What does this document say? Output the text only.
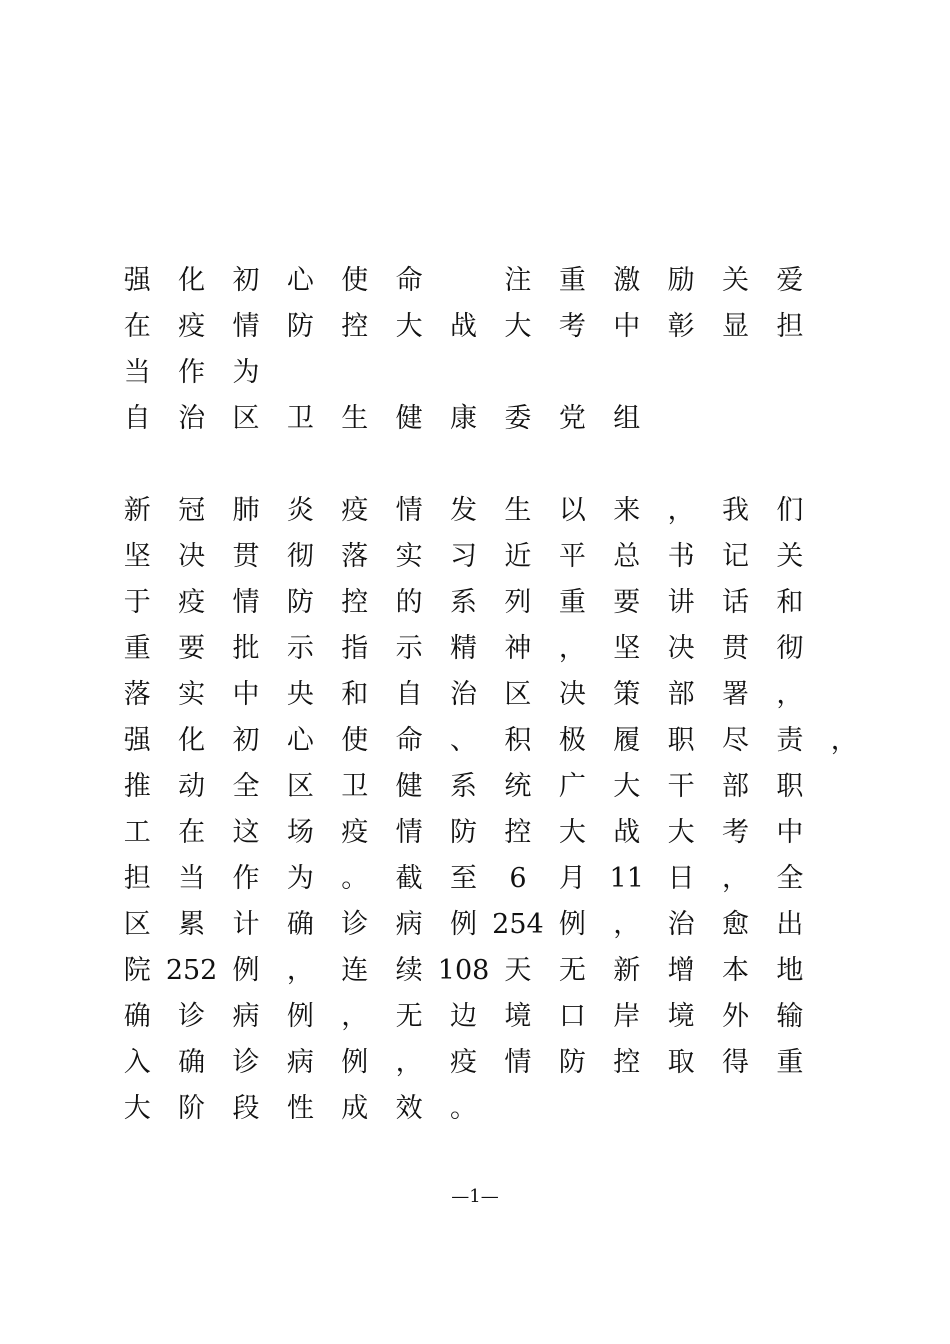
强 化 初 心 使 命	注 重 激 励 关 爱
在 疫 情 防 控 大 战 大 考 中 彰 显 担
当 作 为
自 治 区 卫 生 健 康 委 党 组
新 冠 肺 炎 疫 情 发 生 以 来 ， 我 们
坚 决 贯 彻 落 实 习 近 平 总 书 记 关
于 疫 情 防 控 的 系 列 重 要 讲 话 和
重 要 批 示 指 示 精 神 ， 坚 决 贯 彻
落 实 中 央 和 自 治 区 决 策 部 署 ，
强 化 初 心 使 命 、 积 极 履 职 尽 责 ，
推 动 全 区 卫 健 系 统 广 大 干 部 职
工 在 这 场 疫 情 防 控 大 战 大 考 中
担 当 作 为 。 截 至 6 月 11 日 ， 全
区 累 计 确 诊 病 例 254 例 ， 治 愈 出
院 252 例 ， 连 续 108 天 无 新 增 本 地
确 诊 病 例 ， 无 边 境 口 岸 境 外 输
入 确 诊 病 例 ， 疫 情 防 控 取 得 重
大 阶 段 性 成 效 。
—1—
